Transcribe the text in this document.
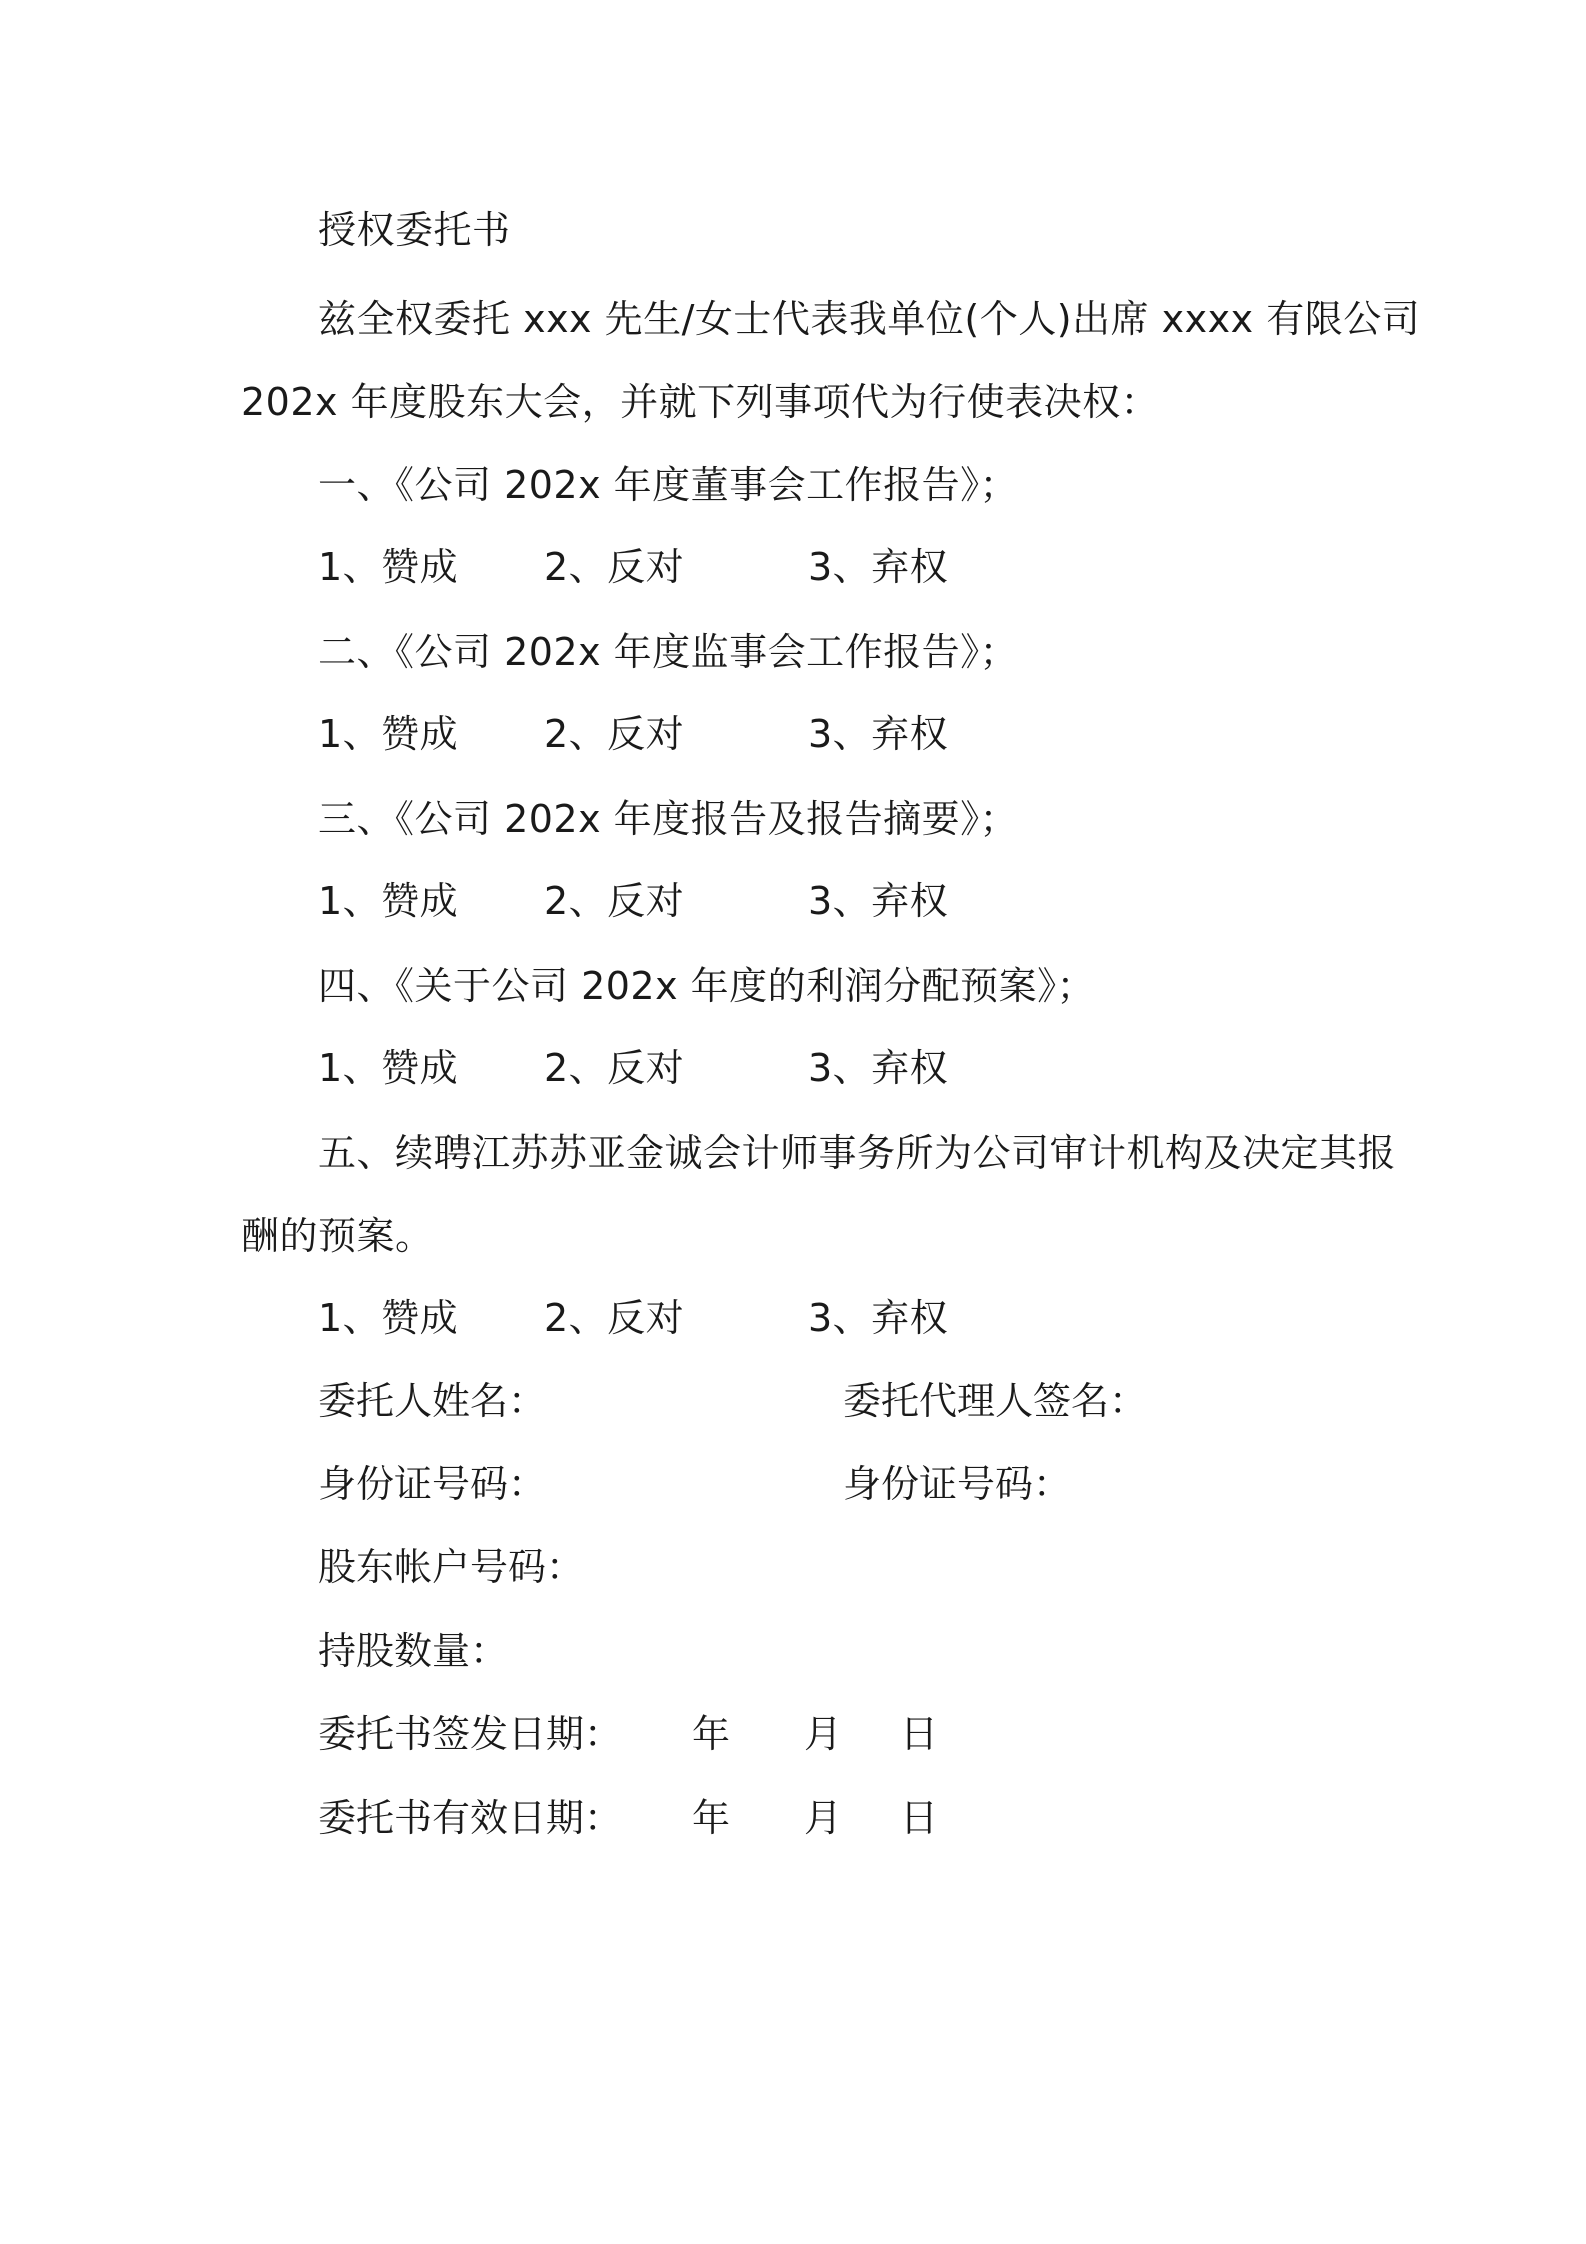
授权委托书
兹全权委托 xxx 先生/女士代表我单位(个人)出席 xxxx 有限公司
202x 年度股东大会，并就下列事项代为行使表决权：
一、《公司 202x 年度董事会工作报告》；
1、赞成 2、反对	3、弃权
二、《公司 202x 年度监事会工作报告》；
1、赞成 2、反对	3、弃权
三、《公司 202x 年度报告及报告摘要》；
1、赞成 2、反对	3、弃权
四、《关于公司 202x 年度的利润分配预案》；
1、赞成 2、反对	3、弃权
五、续聘江苏苏亚金诚会计师事务所为公司审计机构及决定其报
酬的预案。
1、赞成 2、反对	3、弃权
委托人姓名：	委托代理人签名：
身份证号码：	身份证号码：
股东帐户号码：
持股数量：
委托书签发日期： 年 月 日
委托书有效日期： 年 月 日
